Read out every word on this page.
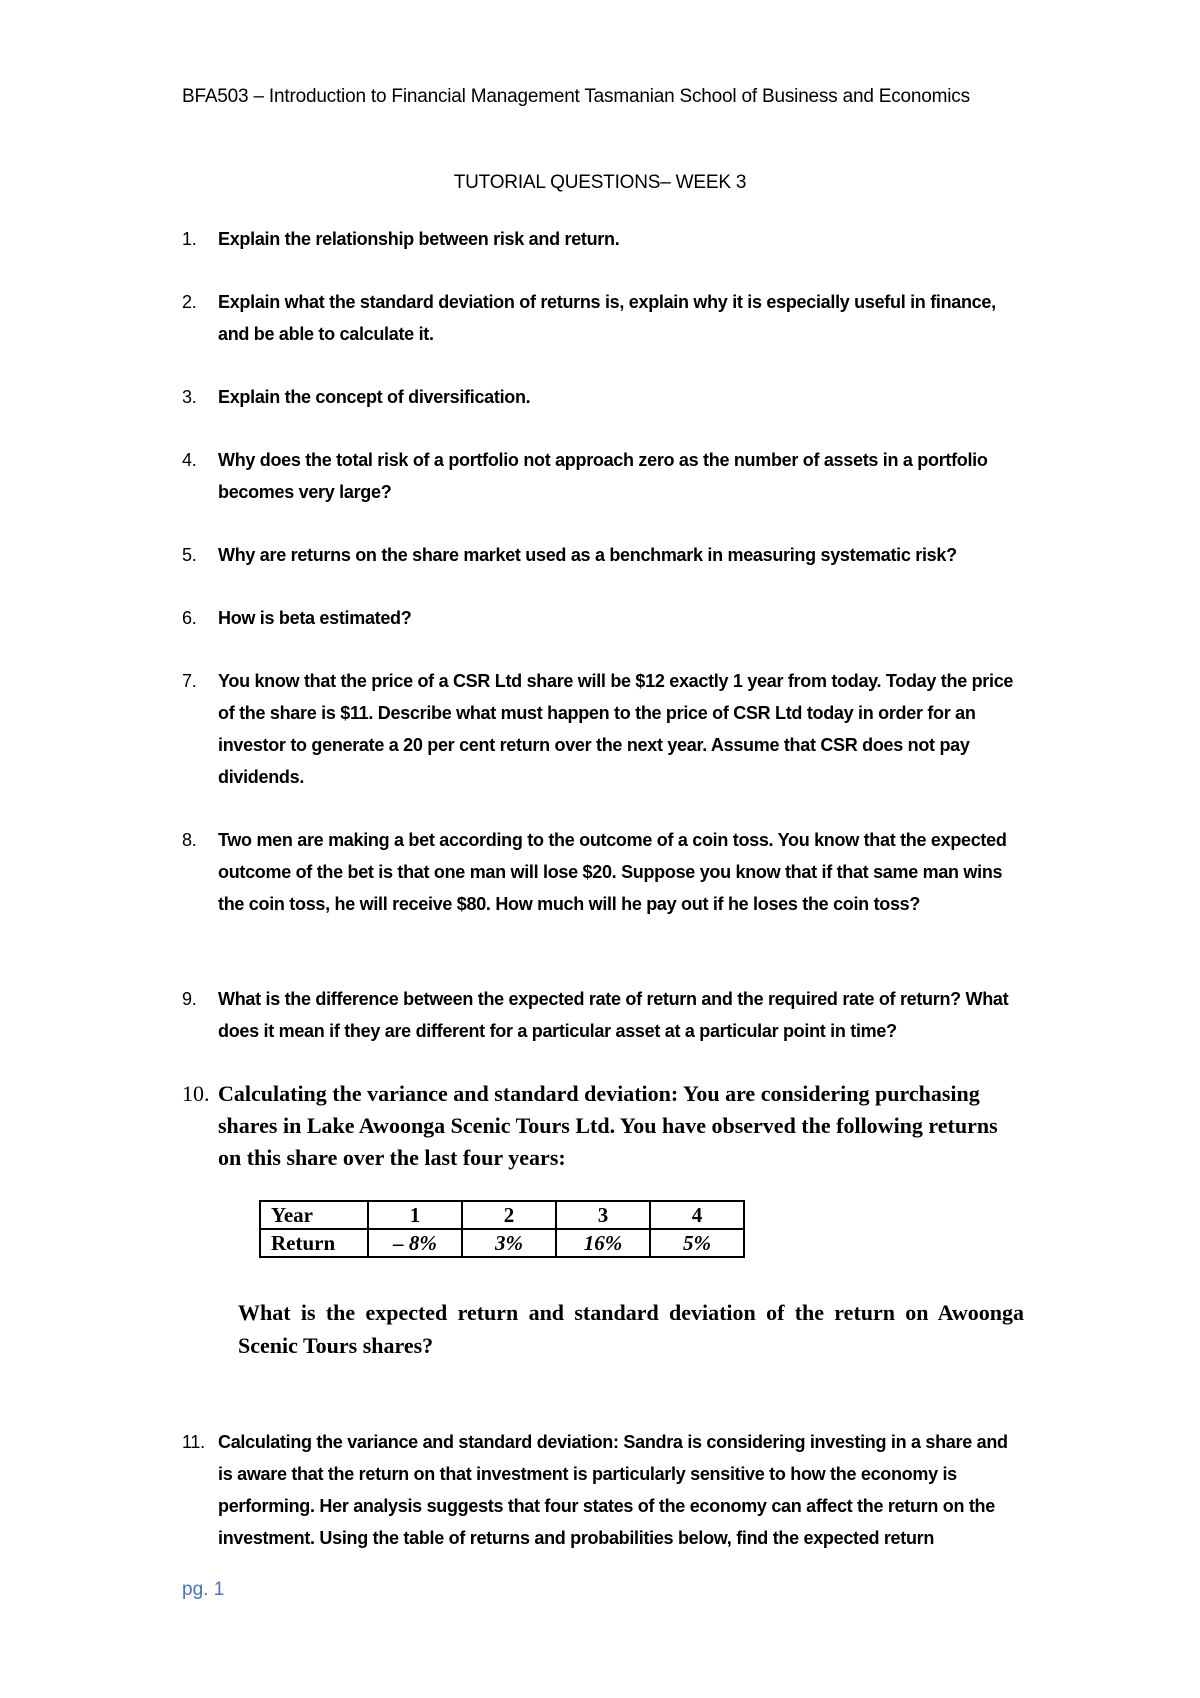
BFA503 – Introduction to Financial Management Tasmanian School of Business and Economics
TUTORIAL QUESTIONS– WEEK 3
1.	Explain the relationship between risk and return.

2.	Explain what the standard deviation of returns is, explain why it is especially useful in finance, and be able to calculate it.

3.	Explain the concept of diversification.

4.	Why does the total risk of a portfolio not approach zero as the number of assets in a portfolio becomes very large?

5.	Why are returns on the share market used as a benchmark in measuring systematic risk?

6.	How is beta estimated?

7.	You know that the price of a CSR Ltd share will be $12 exactly 1 year from today. Today the price of the share is $11. Describe what must happen to the price of CSR Ltd today in order for an investor to generate a 20 per cent return over the next year. Assume that CSR does not pay dividends.

8.	Two men are making a bet according to the outcome of a coin toss. You know that the expected outcome of the bet is that one man will lose $20. Suppose you know that if that same man wins the coin toss, he will receive $80. How much will he pay out if he loses the coin toss?

9.	What is the difference between the expected rate of return and the required rate of return? What does it mean if they are different for a particular asset at a particular point in time?

10. Calculating the variance and standard deviation: You are considering purchasing shares in Lake Awoonga Scenic Tours Ltd. You have observed the following returns on this share over the last four years:

Year	1	2	3	4
Return	– 8%	3%	16%	5%

What is the expected return and standard deviation of the return on Awoonga Scenic Tours shares?

11. Calculating the variance and standard deviation: Sandra is considering investing in a share and is aware that the return on that investment is particularly sensitive to how the economy is performing. Her analysis suggests that four states of the economy can affect the return on the investment. Using the table of returns and probabilities below, find the expected return

pg. 1
